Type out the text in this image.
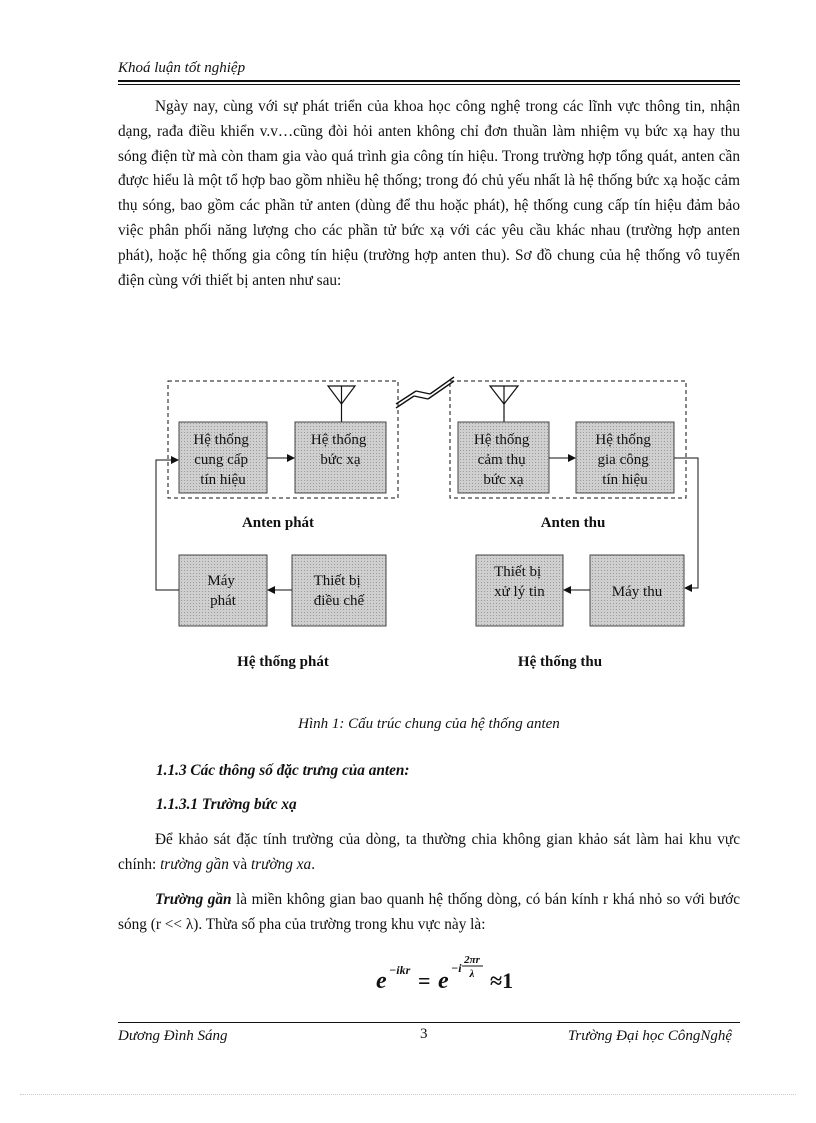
Khoá luận tốt nghiệp

Ngày nay, cùng với sự phát triển của khoa học công nghệ trong các lĩnh vực thông tin, nhận dạng, rađa điều khiển v.v…cũng đòi hỏi anten không chỉ đơn thuần làm nhiệm vụ bức xạ hay thu sóng điện từ mà còn tham gia vào quá trình gia công tín hiệu. Trong trường hợp tổng quát, anten cần được hiểu là một tổ hợp bao gồm nhiều hệ thống; trong đó chủ yếu nhất là hệ thống bức xạ hoặc cảm thụ sóng, bao gồm các phần tử anten (dùng để thu hoặc phát), hệ thống cung cấp tín hiệu đảm bảo việc phân phối năng lượng cho các phần tử bức xạ với các yêu cầu khác nhau (trường hợp anten phát), hoặc hệ thống gia công tín hiệu (trường hợp anten thu). Sơ đồ chung của hệ thống vô tuyến điện cùng với thiết bị anten như sau:

Hệ thống cung cấp tín hiệu
Hệ thống bức xạ
Hệ thống cảm thụ bức xạ
Hệ thống gia công tín hiệu
Máy phát
Thiết bị điều chế
Thiết bị xử lý tin	Máy thu
Anten phát	Anten thu
Hệ thống phát	Hệ thống thu
Hình 1: Cấu trúc chung của hệ thống anten
1.1.3 Các thông số đặc trưng của anten:
1.1.3.1 Trường bức xạ

Để khảo sát đặc tính trường của dòng, ta thường chia không gian khảo sát làm hai khu vực chính: trường gần và trường xa.

Trường gần là miền không gian bao quanh hệ thống dòng, có bán kính r khá nhỏ so với bước sóng (r << λ). Thừa số pha của trường trong khu vực này là:

e −ikr = e −i
2πr
λ ≈1
Dương Đình Sáng	3	Trường Đại học CôngNghệ
